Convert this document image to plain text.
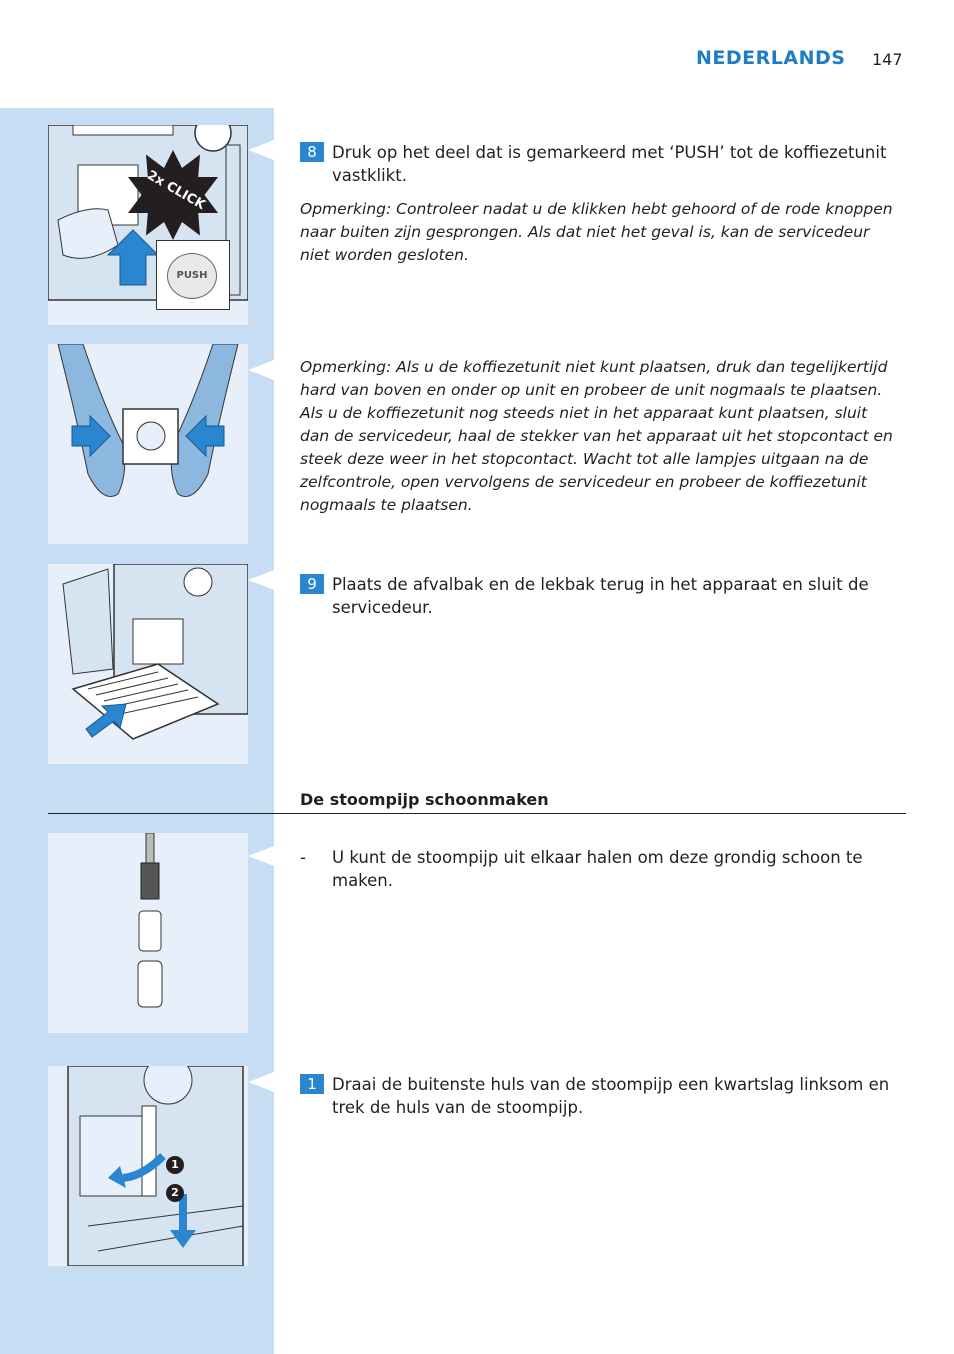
NEDERLANDS 147
2x CLICK
PUSH
1
2
8 Druk op het deel dat is gemarkeerd met ‘PUSH’ tot de koffiezetunit vastklikt.
Opmerking: Controleer nadat u de klikken hebt gehoord of de rode knoppen naar buiten zijn gesprongen. Als dat niet het geval is, kan de servicedeur niet worden gesloten.
Opmerking: Als u de koffiezetunit niet kunt plaatsen, druk dan tegelijkertijd hard van boven en onder op unit en probeer de unit nogmaals te plaatsen. Als u de koffiezetunit nog steeds niet in het apparaat kunt plaatsen, sluit dan de servicedeur, haal de stekker van het apparaat uit het stopcontact en steek deze weer in het stopcontact. Wacht tot alle lampjes uitgaan na de zelfcontrole, open vervolgens de servicedeur en probeer de koffiezetunit nogmaals te plaatsen.
9 Plaats de afvalbak en de lekbak terug in het apparaat en sluit de servicedeur.
De stoompijp schoonmaken
- U kunt de stoompijp uit elkaar halen om deze grondig schoon te maken.
1 Draai de buitenste huls van de stoompijp een kwartslag linksom en trek de huls van de stoompijp.
